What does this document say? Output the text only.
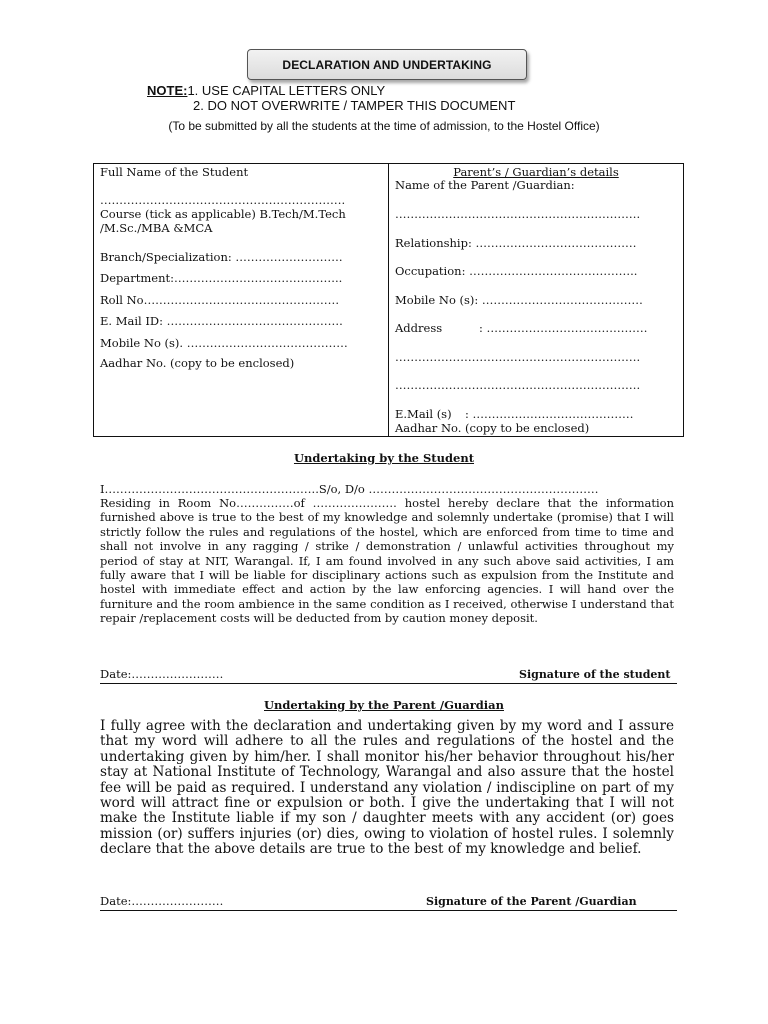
DECLARATION AND UNDERTAKING
NOTE:1. USE CAPITAL LETTERS ONLY
2. DO NOT OVERWRITE / TAMPER THIS DOCUMENT
(To be submitted by all the students at the time of admission, to the Hostel Office)
Full Name of the Student
……………………………………………………….
Course (tick as applicable) B.Tech/M.Tech
/M.Sc./MBA &MCA
Branch/Specialization: ……………………….
Department:……………………………………..
Roll No……………………………………………
E. Mail ID: ……………………………………….
Mobile No (s). ……………………………………
Aadhar No. (copy to be enclosed)
Parent’s / Guardian’s details
Name of the Parent /Guardian:
……………………………………………………….
Relationship: ……………………………………
Occupation: ……………………………………..
Mobile No (s): ……………………………………
Address	: ……………………………………
……………………………………………………….
……………………………………………………….
E.Mail (s) : ……………………………………
Aadhar No. (copy to be enclosed)
Undertaking by the Student
I………………………………………………..S/o, D/o ……………………………………………………

Residing in Room No……………of …………………. hostel hereby declare that the information furnished above is true to the best of my knowledge and solemnly undertake (promise) that I will strictly follow the rules and regulations of the hostel, which are enforced from time to time and shall not involve in any ragging / strike / demonstration / unlawful activities throughout my period of stay at NIT, Warangal. If, I am found involved in any such above said activities, I am fully aware that I will be liable for disciplinary actions such as expulsion from the Institute and hostel with immediate effect and action by the law enforcing agencies. I will hand over the furniture and the room ambience in the same condition as I received, otherwise I understand that repair /replacement costs will be deducted from by caution money deposit.

Date:……………………	Signature of the student
Undertaking by the Parent /Guardian
I fully agree with the declaration and undertaking given by my word and I assure that my word will adhere to all the rules and regulations of the hostel and the undertaking given by him/her. I shall monitor his/her behavior throughout his/her stay at National Institute of Technology, Warangal and also assure that the hostel fee will be paid as required. I understand any violation / indiscipline on part of my word will attract fine or expulsion or both. I give the undertaking that I will not make the Institute liable if my son / daughter meets with any accident (or) goes mission (or) suffers injuries (or) dies, owing to violation of hostel rules. I solemnly declare that the above details are true to the best of my knowledge and belief.
Date:……………………	Signature of the Parent /Guardian
